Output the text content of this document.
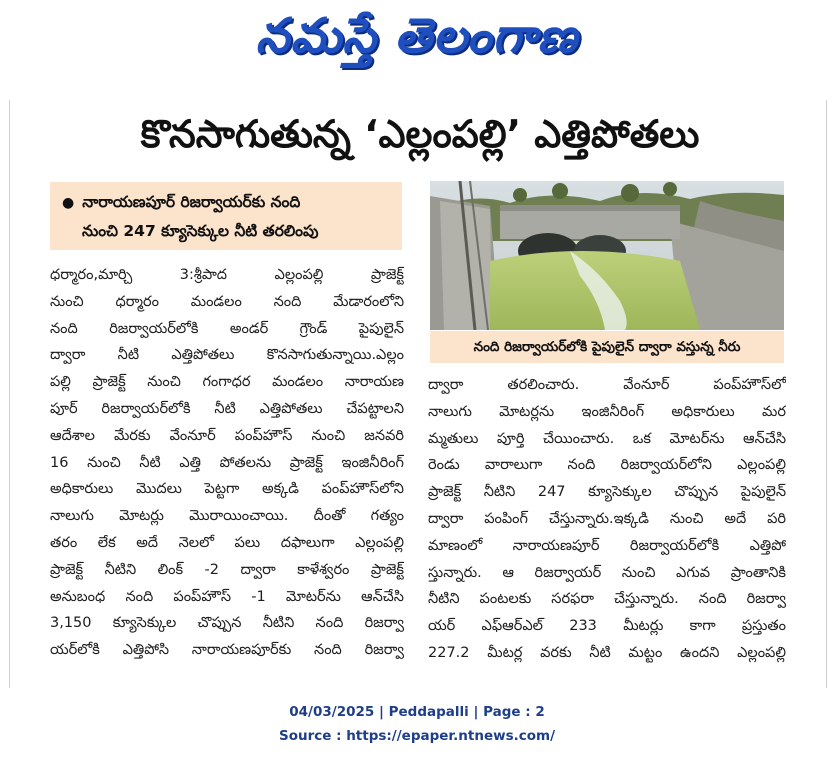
నమస్తే తెలంగాణ
కొనసాగుతున్న ‘ఎల్లంపల్లి’ ఎత్తిపోతలు
● నారాయణపూర్ రిజర్వాయర్‌కు నంది
నుంచి 247 క్యూసెక్కుల నీటి తరలింపు
ధర్మారం,మార్చి 3:శ్రీపాద ఎల్లంపల్లి ప్రాజెక్ట్
నుంచి ధర్మారం మండలం నంది మేడారంలోని
నంది రిజర్వాయర్‌లోకి అండర్ గ్రౌండ్ పైపులైన్
ద్వారా నీటి ఎత్తిపోతలు కొనసాగుతున్నాయి.ఎల్లం
పల్లి ప్రాజెక్ట్ నుంచి గంగాధర మండలం నారాయణ
పూర్ రిజర్వాయర్‌లోకి నీటి ఎత్తిపోతలు చేపట్టాలని
ఆదేశాల మేరకు వేంనూర్ పంప్‌హౌస్ నుంచి జనవరి
16 నుంచి నీటి ఎత్తి పోతలను ప్రాజెక్ట్ ఇంజినీరింగ్
అధికారులు మొదలు పెట్టగా అక్కడి పంప్‌హౌస్‌లోని
నాలుగు మోటర్లు మొరాయించాయి. దీంతో గత్యం
తరం లేక అదే నెలలో పలు దఫాలుగా ఎల్లంపల్లి
ప్రాజెక్ట్ నీటిని లింక్ -2 ద్వారా కాళేశ్వరం ప్రాజెక్ట్
అనుబంధ నంది పంప్‌హౌస్ -1 మోటర్‌ను ఆన్‌చేసి
3,150 క్యూసెక్కుల చొప్పున నీటిని నంది రిజర్వా
యర్‌లోకి ఎత్తిపోసి నారాయణపూర్‌కు నంది రిజర్వా
నంది రిజర్వాయర్‌లోకి పైపులైన్ ద్వారా వస్తున్న నీరు
ద్వారా తరలించారు. వేంనూర్ పంప్‌హౌస్‌లో
నాలుగు మోటర్లను ఇంజినీరింగ్ అధికారులు మర
మ్మతులు పూర్తి చేయించారు. ఒక మోటర్‌ను ఆన్‌చేసి
రెండు వారాలుగా నంది రిజర్వాయర్‌లోని ఎల్లంపల్లి
ప్రాజెక్ట్ నీటిని 247 క్యూసెక్కుల చొప్పున పైపులైన్
ద్వారా పంపింగ్ చేస్తున్నారు.ఇక్కడి నుంచి అదే పరి
మాణంలో నారాయణపూర్ రిజర్వాయర్‌లోకి ఎత్తిపో
స్తున్నారు. ఆ రిజర్వాయర్ నుంచి ఎగువ ప్రాంతానికి
నీటిని పంటలకు సరఫరా చేస్తున్నారు. నంది రిజర్వా
యర్ ఎఫ్‌ఆర్‌ఎల్ 233 మీటర్లు కాగా ప్రస్తుతం
227.2 మీటర్ల వరకు నీటి మట్టం ఉందని ఎల్లంపల్లి
04/03/2025 | Peddapalli | Page : 2
Source : https://epaper.ntnews.com/
